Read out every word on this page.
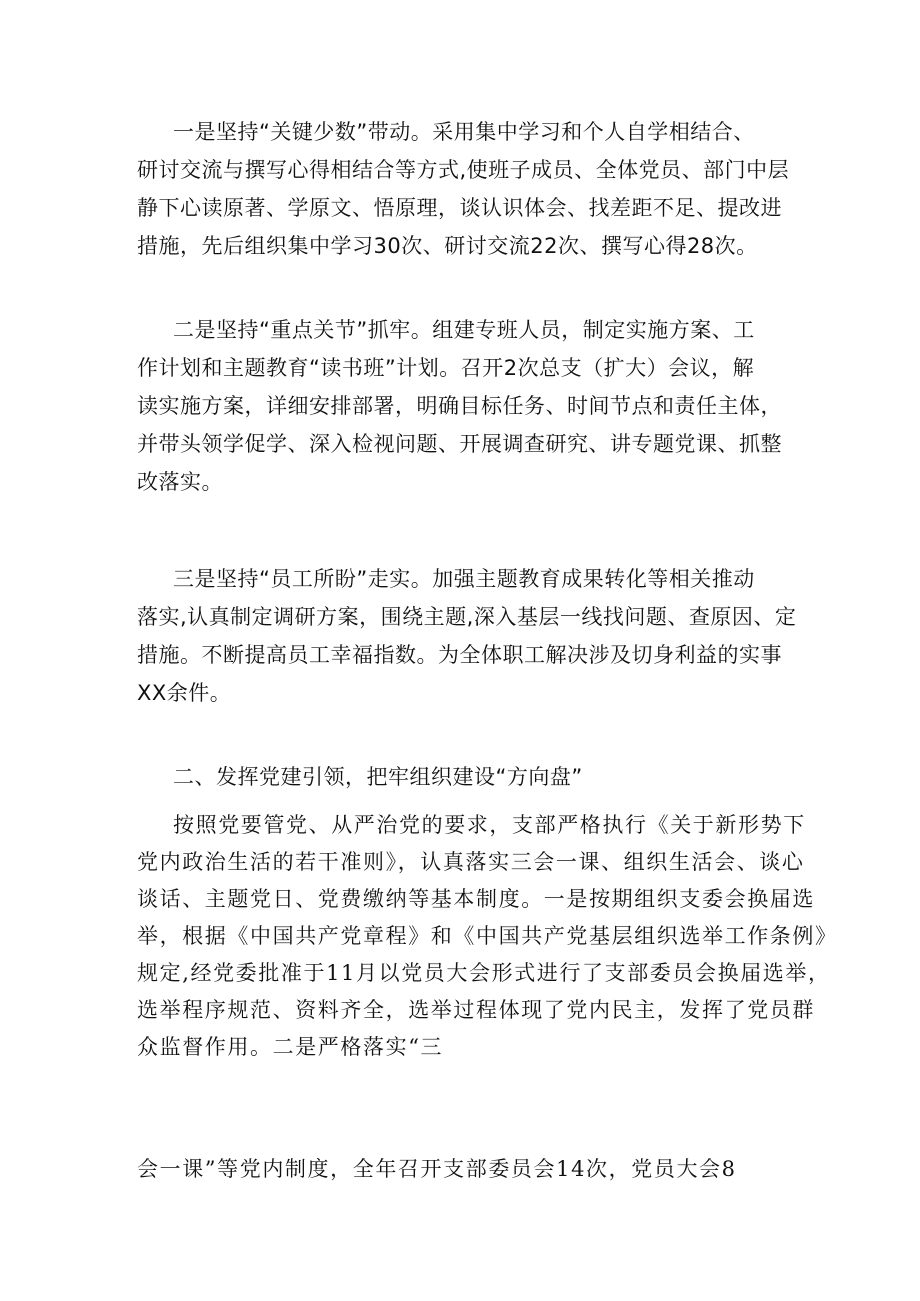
一是坚持“关键少数”带动。采用集中学习和个人自学相结合、
研讨交流与撰写心得相结合等方式,使班子成员、全体党员、部门中层
静下心读原著、学原文、悟原理，谈认识体会、找差距不足、提改进
措施，先后组织集中学习30次、研讨交流22次、撰写心得28次。
二是坚持“重点关节”抓牢。组建专班人员，制定实施方案、工
作计划和主题教育“读书班”计划。召开2次总支（扩大）会议，解
读实施方案，详细安排部署，明确目标任务、时间节点和责任主体，
并带头领学促学、深入检视问题、开展调查研究、讲专题党课、抓整
改落实。
三是坚持“员工所盼”走实。加强主题教育成果转化等相关推动
落实,认真制定调研方案，围绕主题,深入基层一线找问题、查原因、定
措施。不断提高员工幸福指数。为全体职工解决涉及切身利益的实事
XX余件。
二、发挥党建引领，把牢组织建设“方向盘”
按照党要管党、从严治党的要求，支部严格执行《关于新形势下
党内政治生活的若干准则》，认真落实三会一课、组织生活会、谈心
谈话、主题党日、党费缴纳等基本制度。一是按期组织支委会换届选
举，根据《中国共产党章程》和《中国共产党基层组织选举工作条例》
规定,经党委批准于11月以党员大会形式进行了支部委员会换届选举，
选举程序规范、资料齐全，选举过程体现了党内民主，发挥了党员群
众监督作用。二是严格落实“三
会一课”等党内制度，全年召开支部委员会14次，党员大会8
